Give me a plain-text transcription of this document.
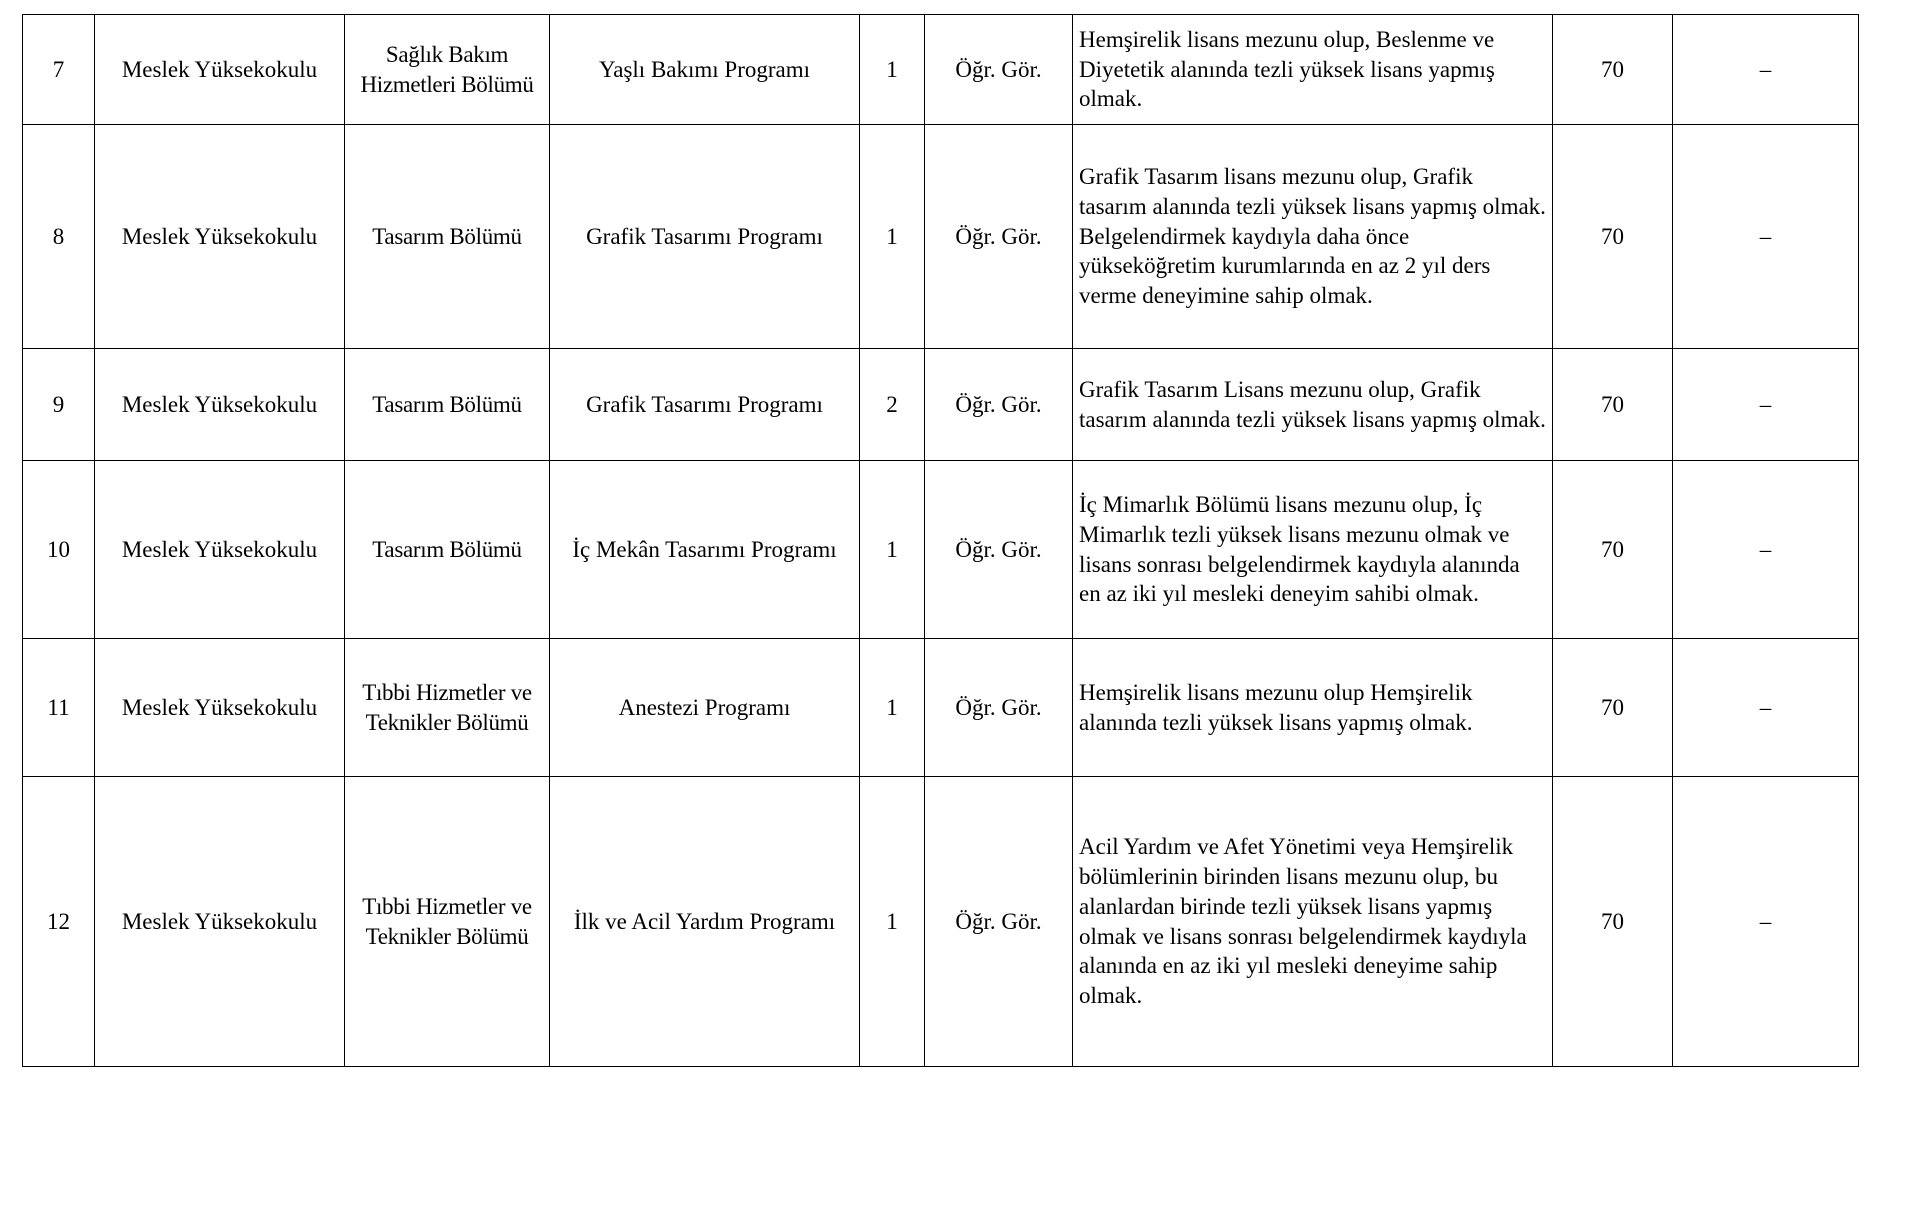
7	Meslek Yüksekokulu	Sağlık Bakım Hizmetleri Bölümü	Yaşlı Bakımı Programı	1	Öğr. Gör.	Hemşirelik lisans mezunu olup, Beslenme ve Diyetetik alanında tezli yüksek lisans yapmış olmak.	70	–
8	Meslek Yüksekokulu	Tasarım Bölümü	Grafik Tasarımı Programı	1	Öğr. Gör.	Grafik Tasarım lisans mezunu olup, Grafik tasarım alanında tezli yüksek lisans yapmış olmak. Belgelendirmek kaydıyla daha önce yükseköğretim kurumlarında en az 2 yıl ders verme deneyimine sahip olmak.	70	–
9	Meslek Yüksekokulu	Tasarım Bölümü	Grafik Tasarımı Programı	2	Öğr. Gör.	Grafik Tasarım Lisans mezunu olup, Grafik tasarım alanında tezli yüksek lisans yapmış olmak.	70	–
10	Meslek Yüksekokulu	Tasarım Bölümü	İç Mekân Tasarımı Programı	1	Öğr. Gör.	İç Mimarlık Bölümü lisans mezunu olup, İç Mimarlık tezli yüksek lisans mezunu olmak ve lisans sonrası belgelendirmek kaydıyla alanında en az iki yıl mesleki deneyim sahibi olmak.	70	–
11	Meslek Yüksekokulu	Tıbbi Hizmetler ve Teknikler Bölümü	Anestezi Programı	1	Öğr. Gör.	Hemşirelik lisans mezunu olup Hemşirelik alanında tezli yüksek lisans yapmış olmak.	70	–
12	Meslek Yüksekokulu	Tıbbi Hizmetler ve Teknikler Bölümü	İlk ve Acil Yardım Programı	1	Öğr. Gör.	Acil Yardım ve Afet Yönetimi veya Hemşirelik bölümlerinin birinden lisans mezunu olup, bu alanlardan birinde tezli yüksek lisans yapmış olmak ve lisans sonrası belgelendirmek kaydıyla alanında en az iki yıl mesleki deneyime sahip olmak.	70	–
